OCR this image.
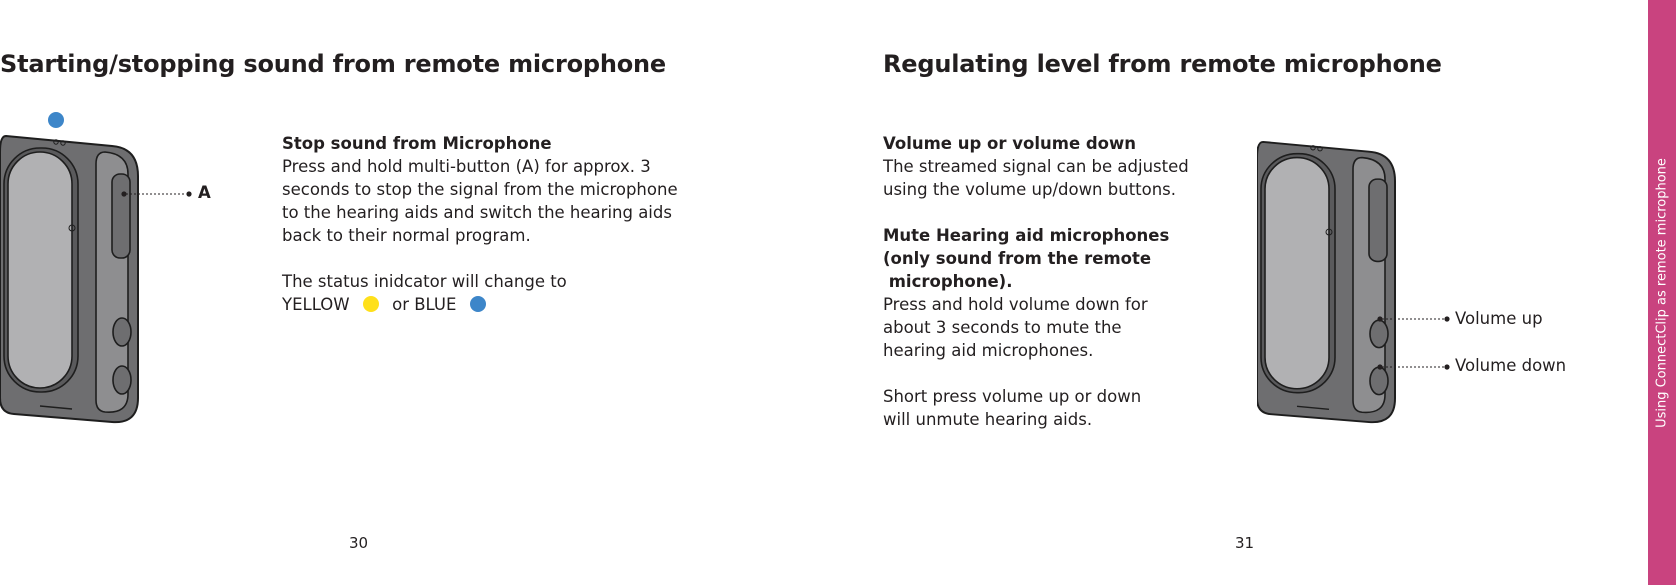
Starting/stopping sound from remote microphone
A
Stop sound from Microphone
Press and hold multi-button (A) for approx. 3
seconds to stop the signal from the microphone
to the hearing aids and switch the hearing aids
back to their normal program.

The status inidcator will change to
YELLOW	or BLUE
30
Regulating level from remote microphone
Volume up or volume down
The streamed signal can be adjusted
using the volume up/down buttons.

Mute Hearing aid microphones
(only sound from the remote
microphone).
Press and hold volume down for
about 3 seconds to mute the
hearing aid microphones.

Short press volume up or down
will unmute hearing aids.
Volume up
Volume down
31
Using ConnectClip as remote microphone
